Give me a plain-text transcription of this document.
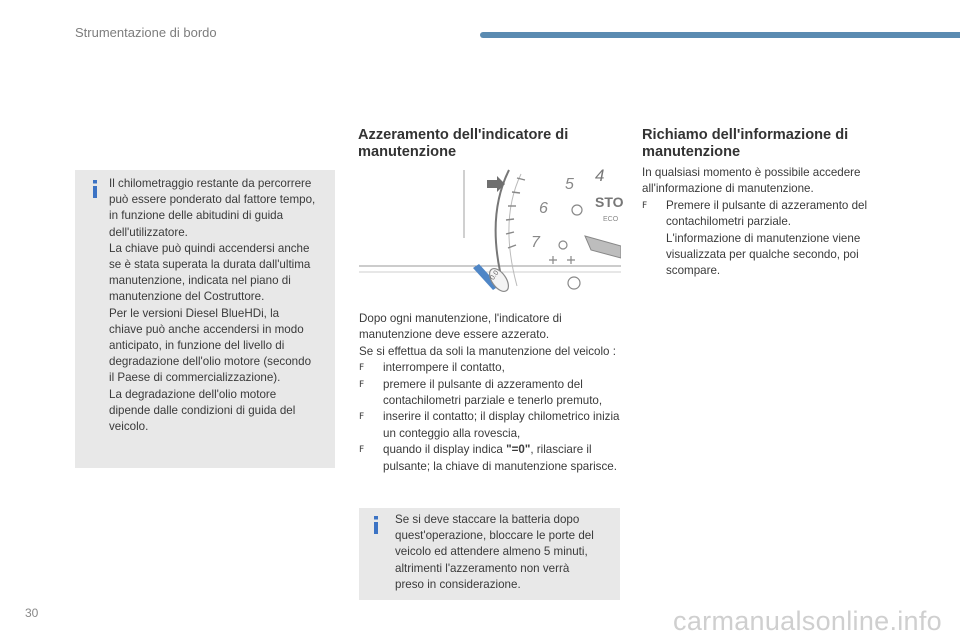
Strumentazione di bordo
Il chilometraggio restante da percorrere
può essere ponderato dal fattore tempo,
in funzione delle abitudini di guida
dell'utilizzatore.
La chiave può quindi accendersi anche
se è stata superata la durata dall'ultima
manutenzione, indicata nel piano di
manutenzione del Costruttore.
Per le versioni Diesel BlueHDi, la
chiave può anche accendersi in modo
anticipato, in funzione del livello di
degradazione dell'olio motore (secondo
il Paese di commercializzazione).
La degradazione dell'olio motore
dipende dalle condizioni di guida del
veicolo.
Azzeramento dell'indicatore di
manutenzione
4
5
6
7
STO
ECO
0.0

Dopo ogni manutenzione, l'indicatore di manutenzione deve essere azzerato.

Se si effettua da soli la manutenzione del veicolo :

F interrompere il contatto,
F premere il pulsante di azzeramento del contachilometri parziale e tenerlo premuto,
F inserire il contatto; il display chilometrico inizia un conteggio alla rovescia,
F quando il display indica "=0", rilasciare il pulsante; la chiave di manutenzione sparisce.
Se si deve staccare la batteria dopo
quest'operazione, bloccare le porte del
veicolo ed attendere almeno 5 minuti,
altrimenti l'azzeramento non verrà
preso in considerazione.
Richiamo dell'informazione di
manutenzione

In qualsiasi momento è possibile accedere all'informazione di manutenzione.

F Premere il pulsante di azzeramento del contachilometri parziale.
L'informazione di manutenzione viene visualizzata per qualche secondo, poi scompare.
30	carmanualsonline.info
